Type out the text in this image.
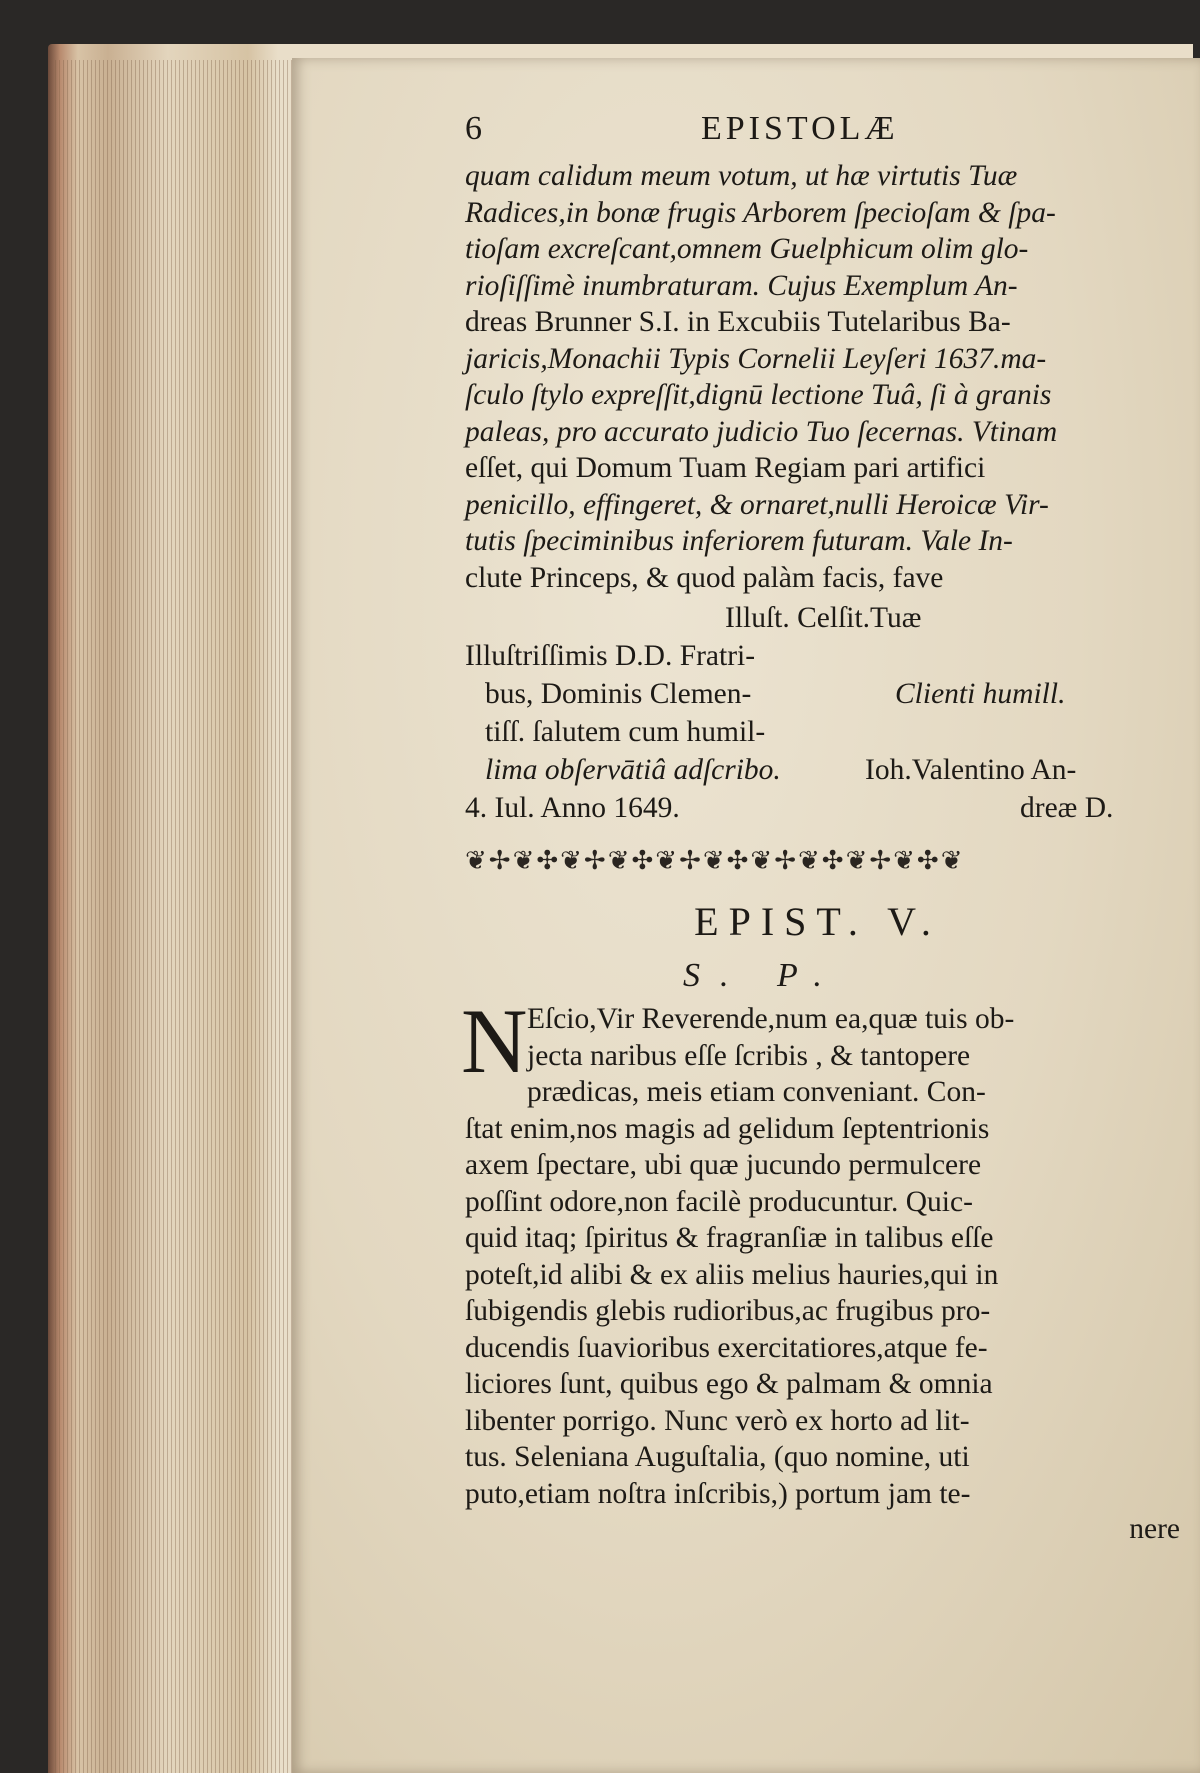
6	EPISTOLÆ
quam calidum meum votum, ut hæ virtutis Tuæ
Radices,in bonæ frugis Arborem ſpecioſam & ſpa-
tioſam excreſcant,omnem Guelphicum olim glo-
rioſiſſimè inumbraturam. Cujus Exemplum An-
dreas Brunner S.I. in Excubiis Tutelaribus Ba-
jaricis,Monachii Typis Cornelii Leyſeri 1637.ma-
ſculo ſtylo expreſſit,dignū lectione Tuâ, ſi à granis
paleas, pro accurato judicio Tuo ſecernas. Vtinam
eſſet, qui Domum Tuam Regiam pari artifici
penicillo, effingeret, & ornaret,nulli Heroicæ Vir-
tutis ſpeciminibus inferiorem futuram. Vale In-
clute Princeps, & quod palàm facis, fave
Illuſt. Celſit.Tuæ
Illuſtriſſimis D.D. Fratri-
bus, Dominis Clemen-
tiſſ. ſalutem cum humil-
lima obſervātiâ adſcribo.
4. Iul. Anno 1649.
Clienti humill.
Ioh.Valentino An-
dreæ D.
❦✢❦✣❦✢❦✣❦✢❦✣❦✢❦✣❦✢❦✣❦
EPIST. V.
S. P.
N Eſcio,Vir Reverende,num ea,quæ tuis ob-
jecta naribus eſſe ſcribis , & tantopere
prædicas, meis etiam conveniant. Con-
ſtat enim,nos magis ad gelidum ſeptentrionis
axem ſpectare, ubi quæ jucundo permulcere
poſſint odore,non facilè producuntur. Quic-
quid itaq; ſpiritus & fragranſiæ in talibus eſſe
poteſt,id alibi & ex aliis melius hauries,qui in
ſubigendis glebis rudioribus,ac frugibus pro-
ducendis ſuavioribus exercitatiores,atque fe-
liciores ſunt, quibus ego & palmam & omnia
libenter porrigo. Nunc verò ex horto ad lit-
tus. Seleniana Auguſtalia, (quo nomine, uti
puto,etiam noſtra inſcribis,) portum jam te-
nere
